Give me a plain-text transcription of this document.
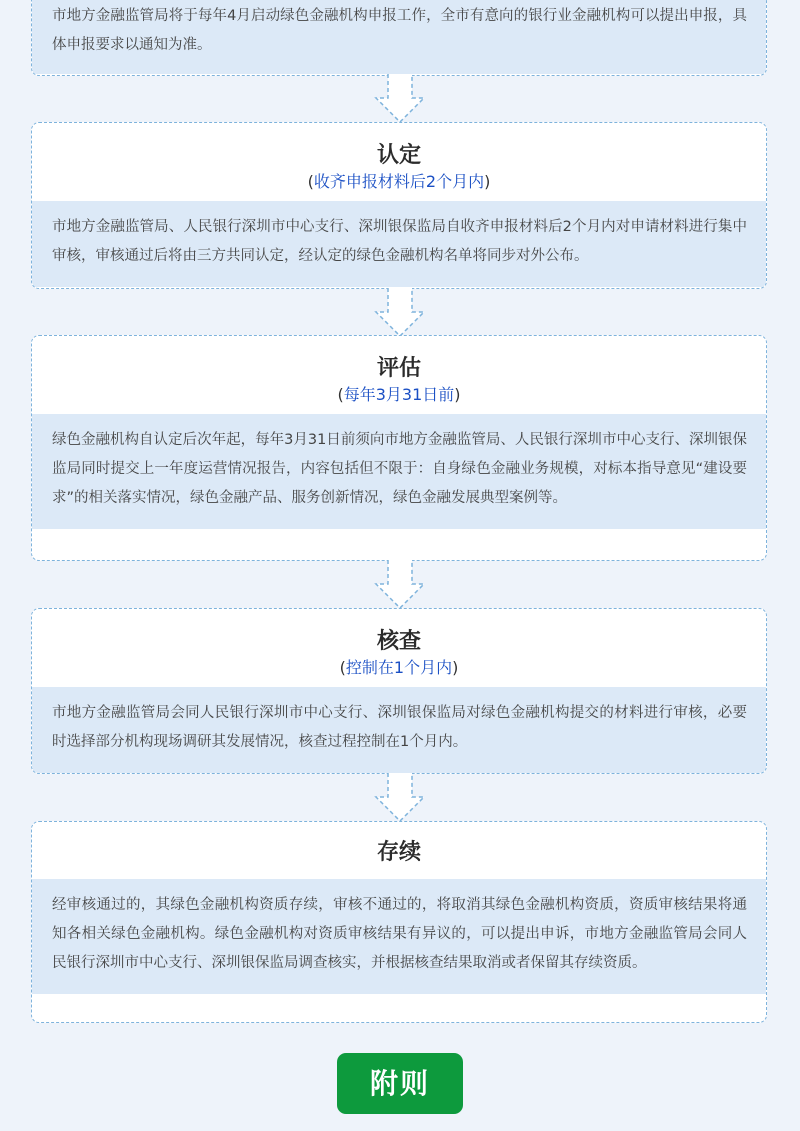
市地方金融监管局将于每年4月启动绿色金融机构申报工作，全市有意向的银行业金融机构可以提出申报，具体申报要求以通知为准。
认定
(收齐申报材料后2个月内)
市地方金融监管局、人民银行深圳市中心支行、深圳银保监局自收齐申报材料后2个月内对申请材料进行集中审核，审核通过后将由三方共同认定，经认定的绿色金融机构名单将同步对外公布。
评估
(每年3月31日前)
绿色金融机构自认定后次年起，每年3月31日前须向市地方金融监管局、人民银行深圳市中心支行、深圳银保监局同时提交上一年度运营情况报告，内容包括但不限于：自身绿色金融业务规模，对标本指导意见“建设要求”的相关落实情况，绿色金融产品、服务创新情况，绿色金融发展典型案例等。
核查
(控制在1个月内)
市地方金融监管局会同人民银行深圳市中心支行、深圳银保监局对绿色金融机构提交的材料进行审核，必要时选择部分机构现场调研其发展情况，核查过程控制在1个月内。
存续
经审核通过的，其绿色金融机构资质存续，审核不通过的，将取消其绿色金融机构资质，资质审核结果将通知各相关绿色金融机构。绿色金融机构对资质审核结果有异议的，可以提出申诉，市地方金融监管局会同人民银行深圳市中心支行、深圳银保监局调查核实，并根据核查结果取消或者保留其存续资质。
附则
